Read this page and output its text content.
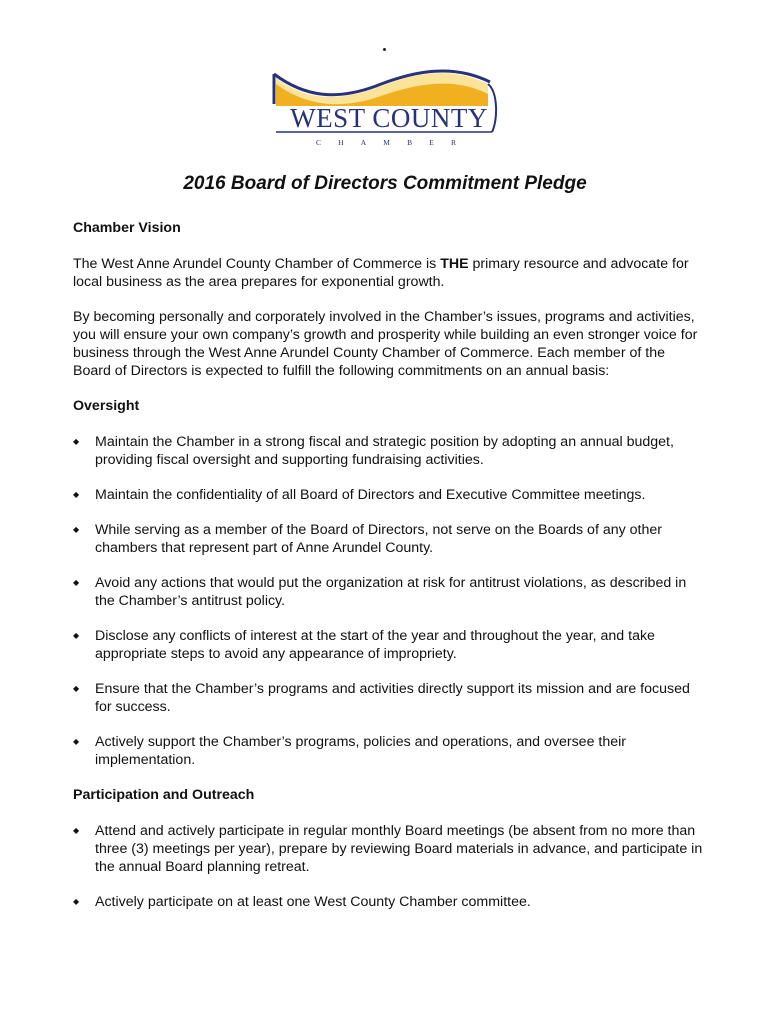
WEST COUNTY
C H A M B E R
2016 Board of Directors Commitment Pledge
Chamber Vision

The West Anne Arundel County Chamber of Commerce is THE primary resource and advocate for local business as the area prepares for exponential growth.

By becoming personally and corporately involved in the Chamber’s issues, programs and activities, you will ensure your own company’s growth and prosperity while building an even stronger voice for business through the West Anne Arundel County Chamber of Commerce. Each member of the Board of Directors is expected to fulfill the following commitments on an annual basis:

Oversight
◆ Maintain the Chamber in a strong fiscal and strategic position by adopting an annual budget, providing fiscal oversight and supporting fundraising activities.
◆ Maintain the confidentiality of all Board of Directors and Executive Committee meetings.
◆ While serving as a member of the Board of Directors, not serve on the Boards of any other chambers that represent part of Anne Arundel County.
◆ Avoid any actions that would put the organization at risk for antitrust violations, as described in the Chamber’s antitrust policy.
◆ Disclose any conflicts of interest at the start of the year and throughout the year, and take appropriate steps to avoid any appearance of impropriety.
◆ Ensure that the Chamber’s programs and activities directly support its mission and are focused for success.
◆ Actively support the Chamber’s programs, policies and operations, and oversee their implementation.
Participation and Outreach
◆ Attend and actively participate in regular monthly Board meetings (be absent from no more than three (3) meetings per year), prepare by reviewing Board materials in advance, and participate in the annual Board planning retreat.
◆ Actively participate on at least one West County Chamber committee.
